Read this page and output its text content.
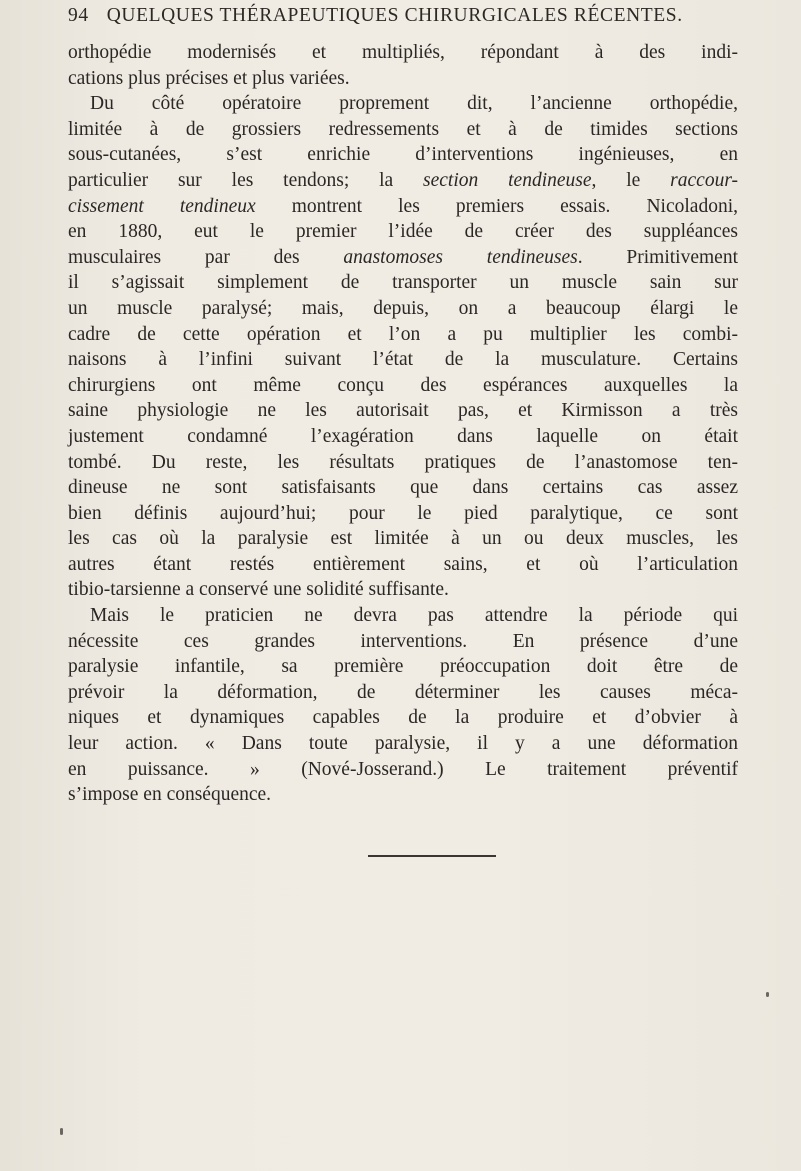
94 QUELQUES THÉRAPEUTIQUES CHIRURGICALES RÉCENTES.
orthopédie modernisés et multipliés, répondant à des indi-
cations plus précises et plus variées.
Du côté opératoire proprement dit, l’ancienne orthopédie,
limitée à de grossiers redressements et à de timides sections
sous-cutanées, s’est enrichie d’interventions ingénieuses, en
particulier sur les tendons; la section tendineuse, le raccour-
cissement tendineux montrent les premiers essais. Nicoladoni,
en 1880, eut le premier l’idée de créer des suppléances
musculaires par des anastomoses tendineuses. Primitivement
il s’agissait simplement de transporter un muscle sain sur
un muscle paralysé; mais, depuis, on a beaucoup élargi le
cadre de cette opération et l’on a pu multiplier les combi-
naisons à l’infini suivant l’état de la musculature. Certains
chirurgiens ont même conçu des espérances auxquelles la
saine physiologie ne les autorisait pas, et Kirmisson a très
justement condamné l’exagération dans laquelle on était
tombé. Du reste, les résultats pratiques de l’anastomose ten-
dineuse ne sont satisfaisants que dans certains cas assez
bien définis aujourd’hui; pour le pied paralytique, ce sont
les cas où la paralysie est limitée à un ou deux muscles, les
autres étant restés entièrement sains, et où l’articulation
tibio-tarsienne a conservé une solidité suffisante.
Mais le praticien ne devra pas attendre la période qui
nécessite ces grandes interventions. En présence d’une
paralysie infantile, sa première préoccupation doit être de
prévoir la déformation, de déterminer les causes méca-
niques et dynamiques capables de la produire et d’obvier à
leur action. « Dans toute paralysie, il y a une déformation
en puissance. » (Nové-Josserand.) Le traitement préventif
s’impose en conséquence.
